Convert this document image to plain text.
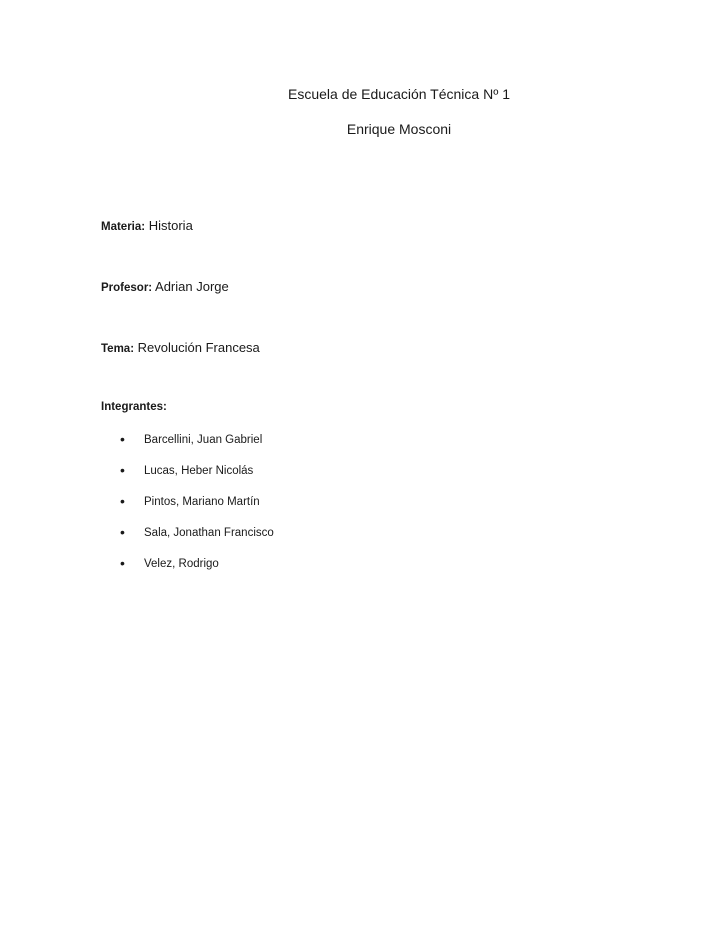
Escuela de Educación Técnica Nº 1
Enrique Mosconi
Materia: Historia
Profesor: Adrian Jorge
Tema: Revolución Francesa
Integrantes:
•	Barcellini, Juan Gabriel
•	Lucas, Heber Nicolás
•	Pintos, Mariano Martín
•	Sala, Jonathan Francisco
•	Velez, Rodrigo
